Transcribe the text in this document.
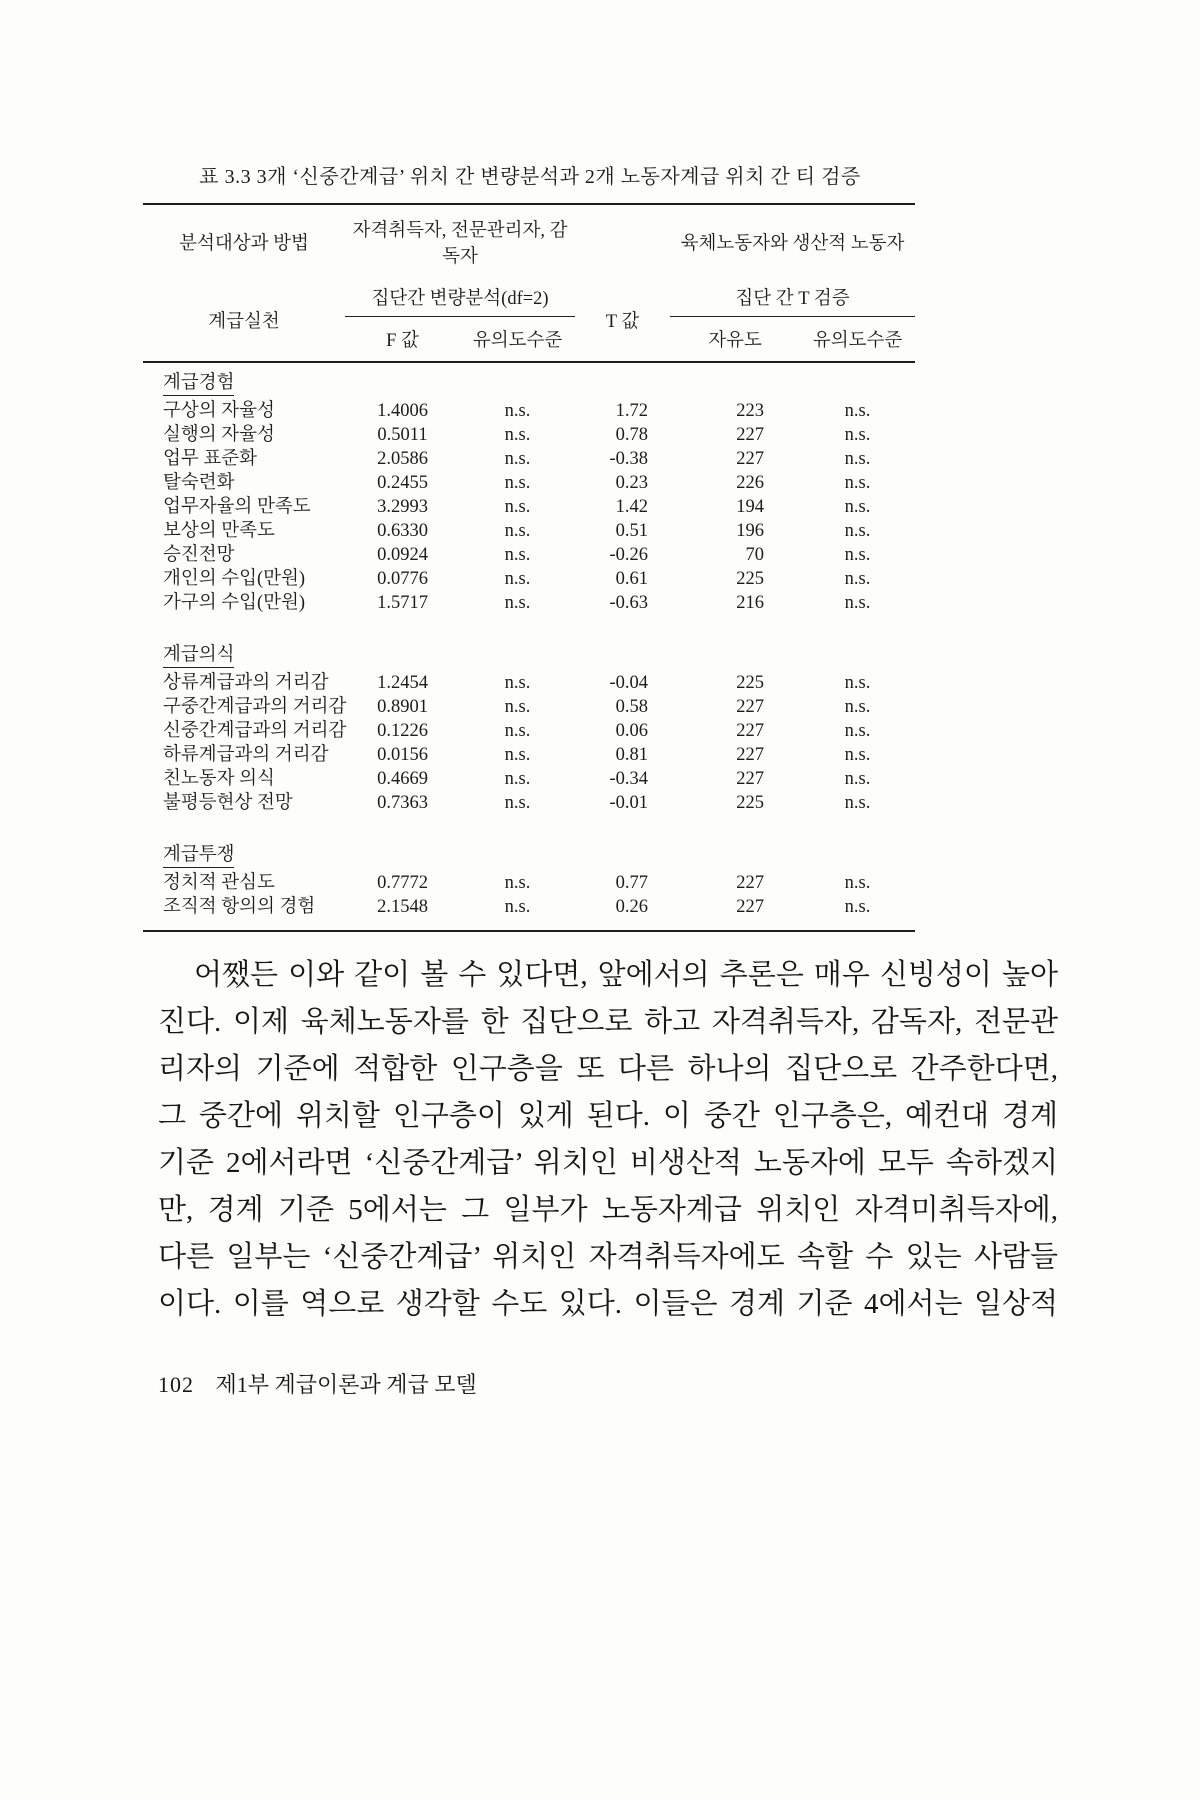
표 3.3 3개 ‘신중간계급’ 위치 간 변량분석과 2개 노동자계급 위치 간 티 검증
분석대상과 방법	자격취득자, 전문관리자, 감독자			육체노동자와 생산적 노동자	
계급실천	집단간 변량분석(df=2)		T 값	집단 간 T 검증	
	F 값	유의도수준		자유도	유의도수준
계급경험					
구상의 자율성	1.4006	n.s.	1.72	223	n.s.
실행의 자율성	0.5011	n.s.	0.78	227	n.s.
업무 표준화	2.0586	n.s.	-0.38	227	n.s.
탈숙련화	0.2455	n.s.	0.23	226	n.s.
업무자율의 만족도	3.2993	n.s.	1.42	194	n.s.
보상의 만족도	0.6330	n.s.	0.51	196	n.s.
승진전망	0.0924	n.s.	-0.26	70	n.s.
개인의 수입(만원)	0.0776	n.s.	0.61	225	n.s.
가구의 수입(만원)	1.5717	n.s.	-0.63	216	n.s.
계급의식					
상류계급과의 거리감	1.2454	n.s.	-0.04	225	n.s.
구중간계급과의 거리감	0.8901	n.s.	0.58	227	n.s.
신중간계급과의 거리감	0.1226	n.s.	0.06	227	n.s.
하류계급과의 거리감	0.0156	n.s.	0.81	227	n.s.
친노동자 의식	0.4669	n.s.	-0.34	227	n.s.
불평등현상 전망	0.7363	n.s.	-0.01	225	n.s.
계급투쟁					
정치적 관심도	0.7772	n.s.	0.77	227	n.s.
조직적 항의의 경험	2.1548	n.s.	0.26	227	n.s.

어쨌든 이와 같이 볼 수 있다면, 앞에서의 추론은 매우 신빙성이 높아
진다. 이제 육체노동자를 한 집단으로 하고 자격취득자, 감독자, 전문관
리자의 기준에 적합한 인구층을 또 다른 하나의 집단으로 간주한다면,
그 중간에 위치할 인구층이 있게 된다. 이 중간 인구층은, 예컨대 경계
기준 2에서라면 ‘신중간계급’ 위치인 비생산적 노동자에 모두 속하겠지
만, 경계 기준 5에서는 그 일부가 노동자계급 위치인 자격미취득자에,
다른 일부는 ‘신중간계급’ 위치인 자격취득자에도 속할 수 있는 사람들
이다. 이를 역으로 생각할 수도 있다. 이들은 경계 기준 4에서는 일상적
102 제1부 계급이론과 계급 모델
